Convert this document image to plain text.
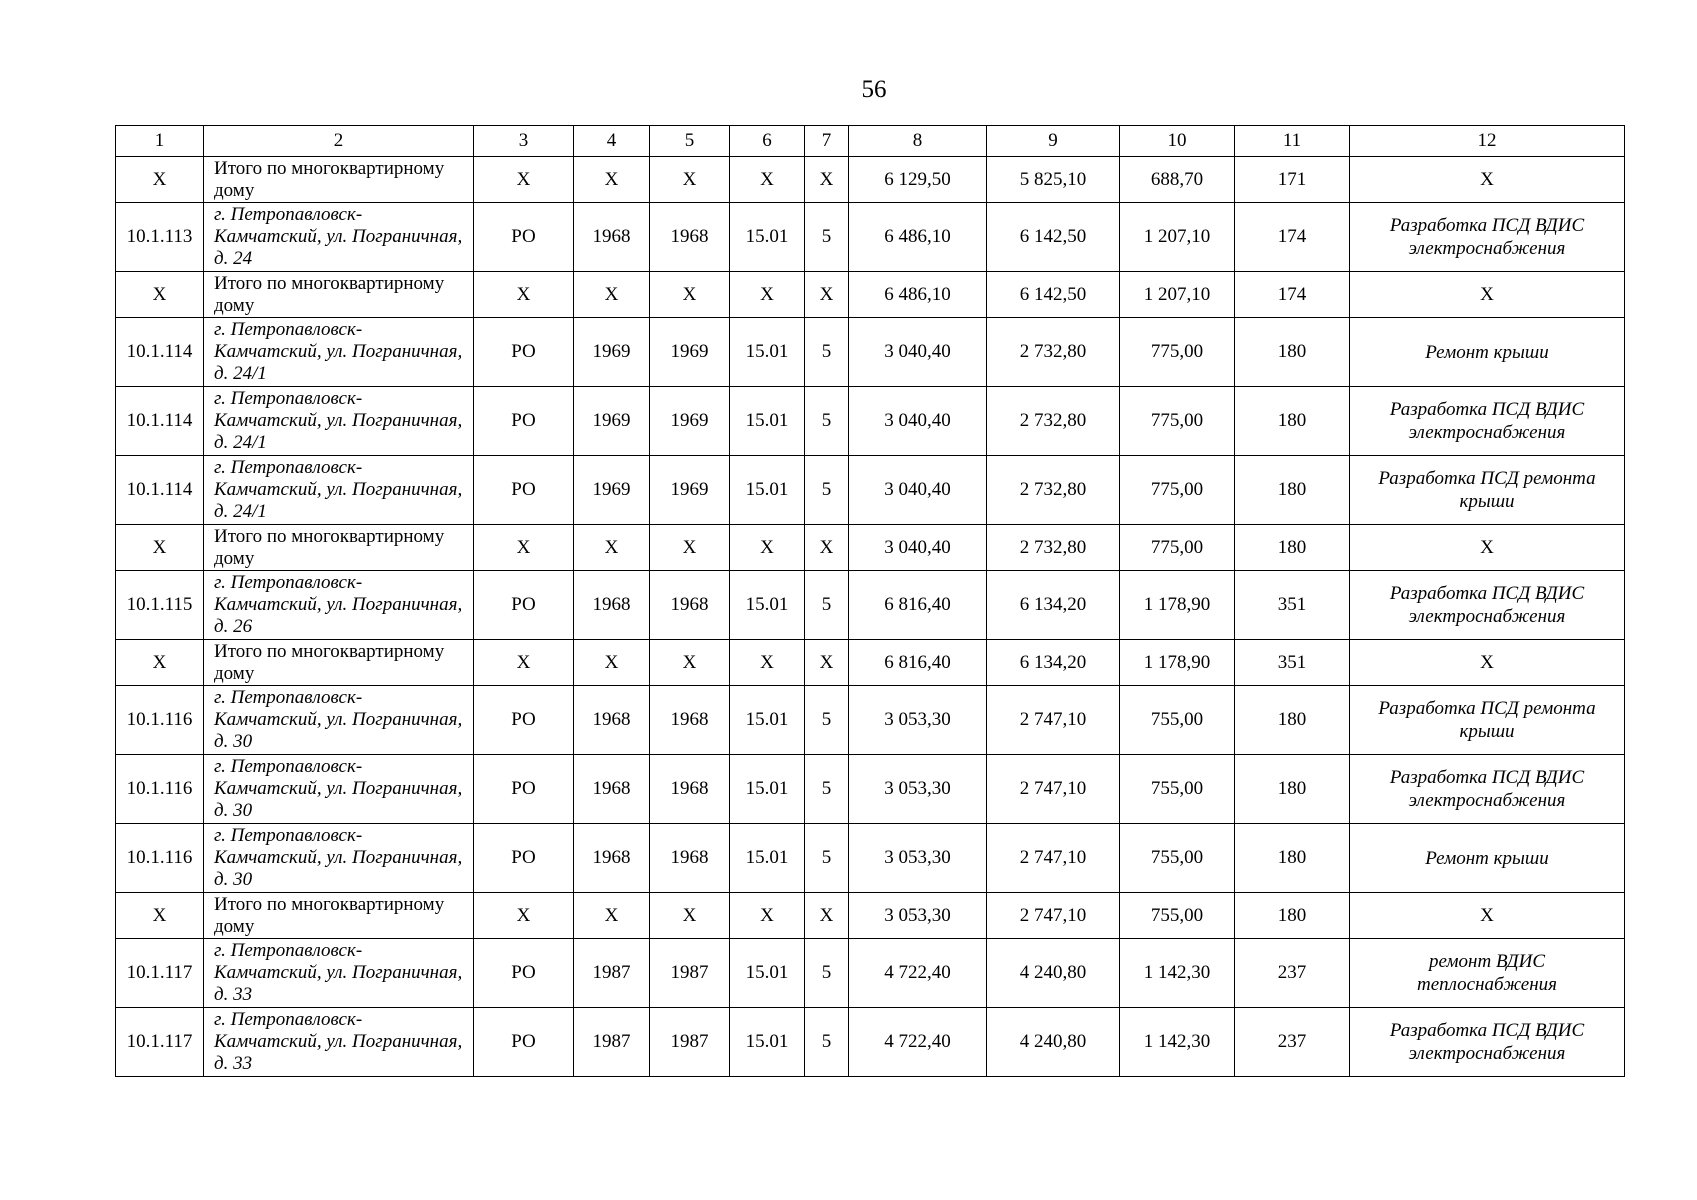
56
1	2	3	4	5	6	7	8	9	10	11	12
X	Итого по многоквартирному дому	X	X	X	X	X	6 129,50	5 825,10	688,70	171	X
10.1.113	г. Петропавловск-Камчатский, ул. Пограничная, д. 24	РО	1968	1968	15.01	5	6 486,10	6 142,50	1 207,10	174	Разработка ПСД ВДИС электроснабжения
X	Итого по многоквартирному дому	X	X	X	X	X	6 486,10	6 142,50	1 207,10	174	X
10.1.114	г. Петропавловск-Камчатский, ул. Пограничная, д. 24/1	РО	1969	1969	15.01	5	3 040,40	2 732,80	775,00	180	Ремонт крыши
10.1.114	г. Петропавловск-Камчатский, ул. Пограничная, д. 24/1	РО	1969	1969	15.01	5	3 040,40	2 732,80	775,00	180	Разработка ПСД ВДИС электроснабжения
10.1.114	г. Петропавловск-Камчатский, ул. Пограничная, д. 24/1	РО	1969	1969	15.01	5	3 040,40	2 732,80	775,00	180	Разработка ПСД ремонта крыши
X	Итого по многоквартирному дому	X	X	X	X	X	3 040,40	2 732,80	775,00	180	X
10.1.115	г. Петропавловск-Камчатский, ул. Пограничная, д. 26	РО	1968	1968	15.01	5	6 816,40	6 134,20	1 178,90	351	Разработка ПСД ВДИС электроснабжения
X	Итого по многоквартирному дому	X	X	X	X	X	6 816,40	6 134,20	1 178,90	351	X
10.1.116	г. Петропавловск-Камчатский, ул. Пограничная, д. 30	РО	1968	1968	15.01	5	3 053,30	2 747,10	755,00	180	Разработка ПСД ремонта крыши
10.1.116	г. Петропавловск-Камчатский, ул. Пограничная, д. 30	РО	1968	1968	15.01	5	3 053,30	2 747,10	755,00	180	Разработка ПСД ВДИС электроснабжения
10.1.116	г. Петропавловск-Камчатский, ул. Пограничная, д. 30	РО	1968	1968	15.01	5	3 053,30	2 747,10	755,00	180	Ремонт крыши
X	Итого по многоквартирному дому	X	X	X	X	X	3 053,30	2 747,10	755,00	180	X
10.1.117	г. Петропавловск-Камчатский, ул. Пограничная, д. 33	РО	1987	1987	15.01	5	4 722,40	4 240,80	1 142,30	237	ремонт ВДИС теплоснабжения
10.1.117	г. Петропавловск-Камчатский, ул. Пограничная, д. 33	РО	1987	1987	15.01	5	4 722,40	4 240,80	1 142,30	237	Разработка ПСД ВДИС электроснабжения
